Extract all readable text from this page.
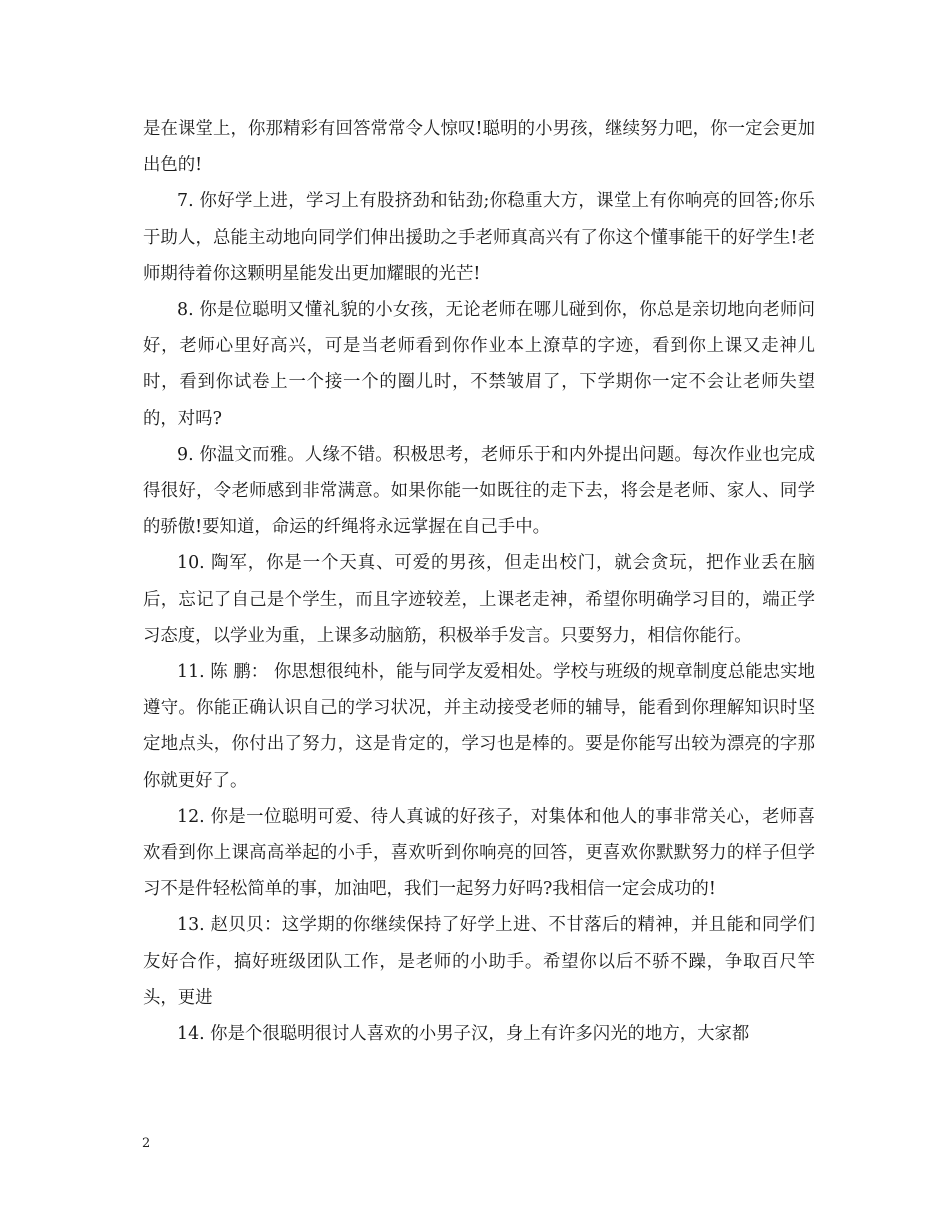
是在课堂上，你那精彩有回答常常令人惊叹!聪明的小男孩，继续努力吧，你一定会更加出色的!

7. 你好学上进，学习上有股挤劲和钻劲;你稳重大方，课堂上有你响亮的回答;你乐于助人，总能主动地向同学们伸出援助之手老师真高兴有了你这个懂事能干的好学生!老师期待着你这颗明星能发出更加耀眼的光芒!

8. 你是位聪明又懂礼貌的小女孩，无论老师在哪儿碰到你，你总是亲切地向老师问好，老师心里好高兴，可是当老师看到你作业本上潦草的字迹，看到你上课又走神儿时，看到你试卷上一个接一个的圈儿时，不禁皱眉了，下学期你一定不会让老师失望的，对吗?

9. 你温文而雅。人缘不错。积极思考，老师乐于和内外提出问题。每次作业也完成得很好，令老师感到非常满意。如果你能一如既往的走下去，将会是老师、家人、同学的骄傲!要知道，命运的纤绳将永远掌握在自己手中。

10. 陶军，你是一个天真、可爱的男孩，但走出校门，就会贪玩，把作业丢在脑后，忘记了自己是个学生，而且字迹较差，上课老走神，希望你明确学习目的，端正学习态度，以学业为重，上课多动脑筋，积极举手发言。只要努力，相信你能行。

11. 陈 鹏： 你思想很纯朴，能与同学友爱相处。学校与班级的规章制度总能忠实地遵守。你能正确认识自己的学习状况，并主动接受老师的辅导，能看到你理解知识时坚定地点头，你付出了努力，这是肯定的，学习也是棒的。要是你能写出较为漂亮的字那你就更好了。

12. 你是一位聪明可爱、待人真诚的好孩子，对集体和他人的事非常关心，老师喜欢看到你上课高高举起的小手，喜欢听到你响亮的回答，更喜欢你默默努力的样子但学习不是件轻松简单的事，加油吧，我们一起努力好吗?我相信一定会成功的!

13. 赵贝贝：这学期的你继续保持了好学上进、不甘落后的精神，并且能和同学们友好合作，搞好班级团队工作，是老师的小助手。希望你以后不骄不躁，争取百尺竿头，更进

14. 你是个很聪明很讨人喜欢的小男子汉，身上有许多闪光的地方，大家都

2
